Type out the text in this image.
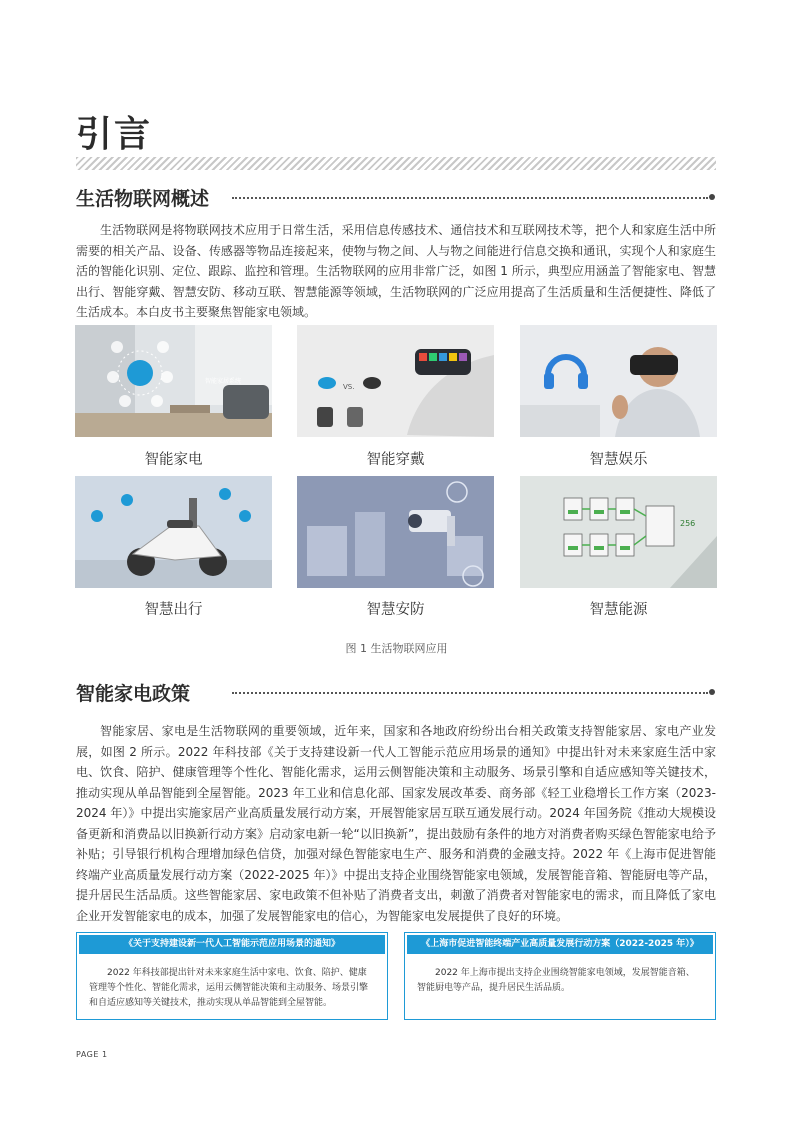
引言
生活物联网概述

生活物联网是将物联网技术应用于日常生活，采用信息传感技术、通信技术和互联网技术等，把个人和家庭生活中所需要的相关产品、设备、传感器等物品连接起来，使物与物之间、人与物之间能进行信息交换和通讯，实现个人和家庭生活的智能化识别、定位、跟踪、监控和管理。生活物联网的应用非常广泛，如图 1 所示，典型应用涵盖了智能家电、智慧出行、智能穿戴、智慧安防、移动互联、智慧能源等领域，生活物联网的广泛应用提高了生活质量和生活便捷性、降低了生活成本。本白皮书主要聚焦智能家电领域。

智能家居系统
VS.
智能家电	智能穿戴	智慧娱乐
256
智慧出行	智慧安防	智慧能源
图 1 生活物联网应用
智能家电政策

智能家居、家电是生活物联网的重要领域，近年来，国家和各地政府纷纷出台相关政策支持智能家居、家电产业发展，如图 2 所示。2022 年科技部《关于支持建设新一代人工智能示范应用场景的通知》中提出针对未来家庭生活中家电、饮食、陪护、健康管理等个性化、智能化需求，运用云侧智能决策和主动服务、场景引擎和自适应感知等关键技术，推动实现从单品智能到全屋智能。2023 年工业和信息化部、国家发展改革委、商务部《轻工业稳增长工作方案（2023-2024 年）》中提出实施家居产业高质量发展行动方案，开展智能家居互联互通发展行动。2024 年国务院《推动大规模设备更新和消费品以旧换新行动方案》启动家电新一轮“以旧换新”，提出鼓励有条件的地方对消费者购买绿色智能家电给予补贴；引导银行机构合理增加绿色信贷，加强对绿色智能家电生产、服务和消费的金融支持。2022 年《上海市促进智能终端产业高质量发展行动方案（2022-2025 年）》中提出支持企业围绕智能家电领域，发展智能音箱、智能厨电等产品，提升居民生活品质。这些智能家居、家电政策不但补贴了消费者支出，刺激了消费者对智能家电的需求，而且降低了家电企业开发智能家电的成本，加强了发展智能家电的信心，为智能家电发展提供了良好的环境。

《关于支持建设新一代人工智能示范应用场景的通知》

2022 年科技部提出针对未来家庭生活中家电、饮食、陪护、健康管理等个性化、智能化需求，运用云侧智能决策和主动服务、场景引擎和自适应感知等关键技术，推动实现从单品智能到全屋智能。

《上海市促进智能终端产业高质量发展行动方案（2022-2025 年）》

2022 年上海市提出支持企业围绕智能家电领域，发展智能音箱、智能厨电等产品，提升居民生活品质。

PAGE 1
